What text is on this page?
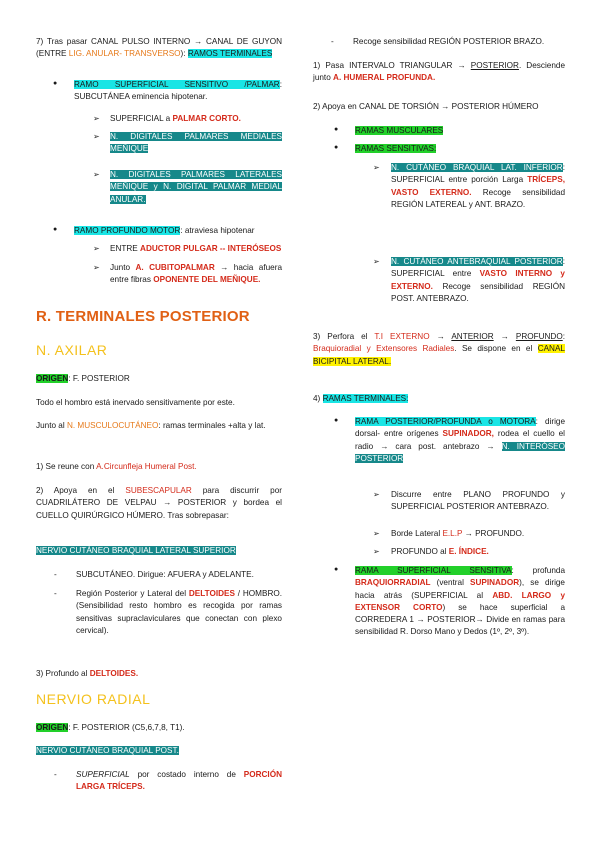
7) Tras pasar CANAL PULSO INTERNO → CANAL DE GUYON (ENTRE LIG. ANULAR- TRANSVERSO): RAMOS TERMINALES

● RAMO SUPERFICIAL SENSITIVO /PALMAR: SUBCUTÁNEA eminencia hipotenar.

➢ SUPERFICIAL a PALMAR CORTO.

➢ N. DIGITALES PALMARES MEDIALES MEÑIQUE

➢ N. DIGITALES PALMARES LATERALES MEÑIQUE y N. DIGITAL PALMAR MEDIAL ANULAR.

● RAMO PROFUNDO MOTOR: atraviesa hipotenar

➢ ENTRE ADUCTOR PULGAR -- INTERÓSEOS

➢ Junto A. CUBITOPALMAR → hacia afuera entre fibras OPONENTE DEL MEÑIQUE.

R. TERMINALES POSTERIOR
N. AXILAR

ORIGEN: F. POSTERIOR

Todo el hombro está inervado sensitivamente por este.

Junto al N. MUSCULOCUTÁNEO: ramas terminales +alta y lat.

1) Se reune con A.Circunfleja Humeral Post.

2) Apoya en el SUBESCAPULAR para discurrir por CUADRILÁTERO DE VELPAU → POSTERIOR y bordea el CUELLO QUIRÚRGICO HÚMERO. Tras sobrepasar:

NERVIO CUTÁNEO BRAQUIAL LATERAL SUPERIOR

- SUBCUTÁNEO. Dirigue: AFUERA y ADELANTE.

- Región Posterior y Lateral del DELTOIDES / HOMBRO. (Sensibilidad resto hombro es recogida por ramas sensitivas supraclaviculares que conectan con plexo cervical).

3) Profundo al DELTOIDES.

NERVIO RADIAL

ORIGEN: F. POSTERIOR (C5,6,7,8, T1).

NERVIO CUTÁNEO BRAQUIAL POST.

- SUPERFICIAL por costado interno de PORCIÓN LARGA TRÍCEPS.

- Recoge sensibilidad REGIÓN POSTERIOR BRAZO.

1) Pasa INTERVALO TRIANGULAR → POSTERIOR. Desciende junto A. HUMERAL PROFUNDA.

2) Apoya en CANAL DE TORSIÓN → POSTERIOR HÚMERO

● RAMAS MUSCULARES

● RAMAS SENSITIVAS:

➢ N. CUTÁNEO BRAQUIAL LAT. INFERIOR: SUPERFICIAL entre porción Larga TRÍCEPS, VASTO EXTERNO. Recoge sensibilidad REGIÓN LATEREAL y ANT. BRAZO.

➢ N. CUTÁNEO ANTEBRAQUIAL POSTERIOR: SUPERFICIAL entre VASTO INTERNO y EXTERNO. Recoge sensibilidad REGIÓN POST. ANTEBRAZO.

3) Perfora el T.I EXTERNO → ANTERIOR → PROFUNDO: Braquioradial y Extensores Radiales. Se dispone en el CANAL BICIPITAL LATERAL.

4) RAMAS TERMINALES:

● RAMA POSTERIOR/PROFUNDA o MOTORA: dirige dorsal- entre orígenes SUPINADOR, rodea el cuello el radio → cara post. antebrazo → N. INTERÓSEO POSTERIOR

➢ Discurre entre PLANO PROFUNDO y SUPERFICIAL POSTERIOR ANTEBRAZO.

➢ Borde Lateral E.L.P → PROFUNDO.

➢ PROFUNDO al E. ÍNDICE.

● RAMA SUPERFICIAL SENSITIVA: profunda BRAQUIORRADIAL (ventral SUPINADOR), se dirige hacia atrás (SUPERFICIAL al ABD. LARGO y EXTENSOR CORTO) se hace superficial a CORREDERA 1 → POSTERIOR→ Divide en ramas para sensibilidad R. Dorso Mano y Dedos (1º, 2º, 3º).
